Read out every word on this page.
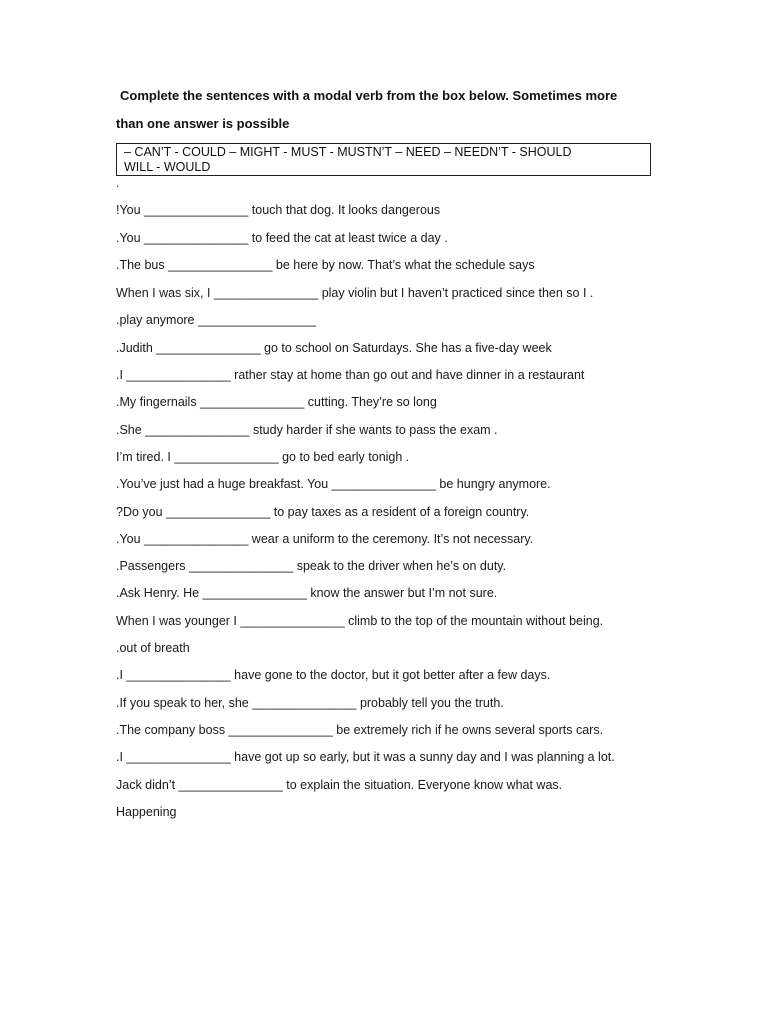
Complete the sentences with a modal verb from the box below. Sometimes more
than one answer is possible
– CAN’T - COULD – MIGHT - MUST - MUSTN’T – NEED – NEEDN’T - SHOULD
WILL - WOULD
.
!You _______________ touch that dog. It looks dangerous
.You _______________ to feed the cat at least twice a day .
.The bus _______________ be here by now. That’s what the schedule says
When I was six, I _______________ play violin but I haven’t practiced since then so I .
.play anymore _________________
.Judith _______________ go to school on Saturdays. She has a five-day week
.I _______________ rather stay at home than go out and have dinner in a restaurant
.My fingernails _______________ cutting. They’re so long
.She _______________ study harder if she wants to pass the exam .
I’m tired. I _______________ go to bed early tonigh .
.You’ve just had a huge breakfast. You _______________ be hungry anymore.
?Do you _______________ to pay taxes as a resident of a foreign country.
.You _______________ wear a uniform to the ceremony. It’s not necessary.
.Passengers _______________ speak to the driver when he’s on duty.
.Ask Henry. He _______________ know the answer but I’m not sure.
When I was younger I _______________ climb to the top of the mountain without being.
.out of breath
.I _______________ have gone to the doctor, but it got better after a few days.
.If you speak to her, she _______________ probably tell you the truth.
.The company boss _______________ be extremely rich if he owns several sports cars.
.I _______________ have got up so early, but it was a sunny day and I was planning a lot.
Jack didn’t _______________ to explain the situation. Everyone know what was.
Happening
